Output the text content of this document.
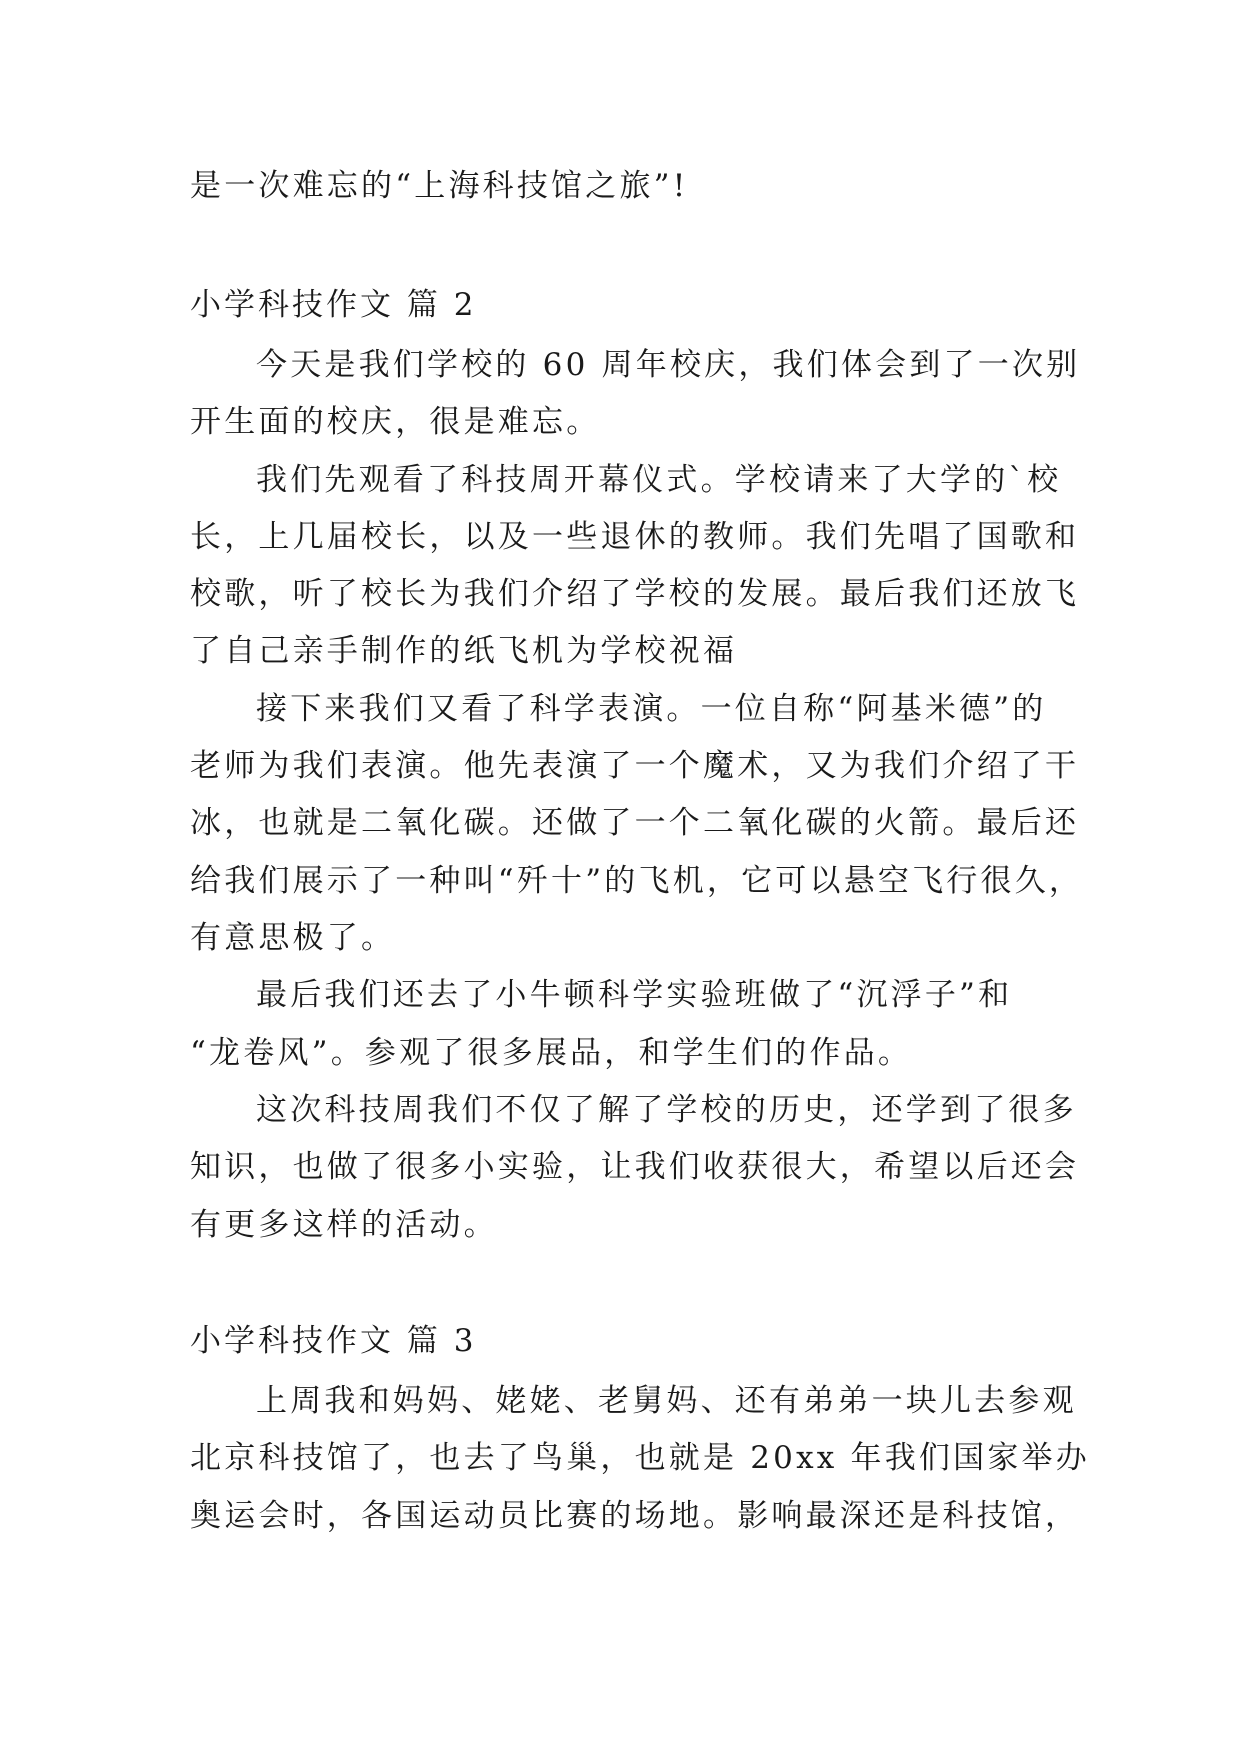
是一次难忘的“上海科技馆之旅”!
小学科技作文 篇 2
今天是我们学校的 60 周年校庆，我们体会到了一次别
开生面的校庆，很是难忘。
我们先观看了科技周开幕仪式。学校请来了大学的`校
长，上几届校长，以及一些退休的教师。我们先唱了国歌和
校歌，听了校长为我们介绍了学校的发展。最后我们还放飞
了自己亲手制作的纸飞机为学校祝福
接下来我们又看了科学表演。一位自称“阿基米德”的
老师为我们表演。他先表演了一个魔术，又为我们介绍了干
冰，也就是二氧化碳。还做了一个二氧化碳的火箭。最后还
给我们展示了一种叫“歼十”的飞机，它可以悬空飞行很久，
有意思极了。
最后我们还去了小牛顿科学实验班做了“沉浮子”和
“龙卷风”。参观了很多展品，和学生们的作品。
这次科技周我们不仅了解了学校的历史，还学到了很多
知识，也做了很多小实验，让我们收获很大，希望以后还会
有更多这样的活动。
小学科技作文 篇 3
上周我和妈妈、姥姥、老舅妈、还有弟弟一块儿去参观
北京科技馆了，也去了鸟巢，也就是 20xx 年我们国家举办
奥运会时，各国运动员比赛的场地。影响最深还是科技馆，
